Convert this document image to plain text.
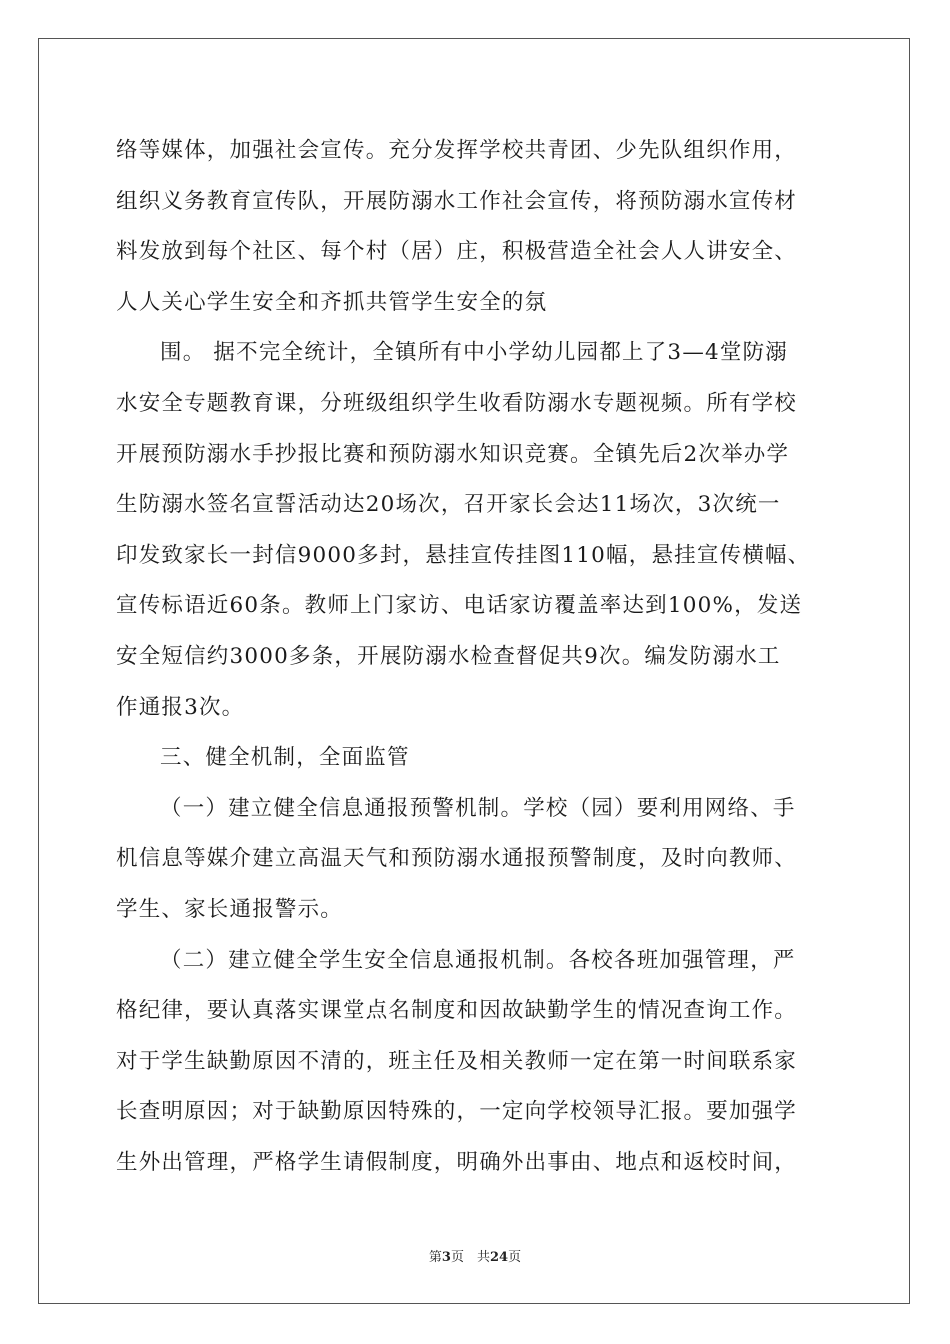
络等媒体，加强社会宣传。充分发挥学校共青团、少先队组织作用，
组织义务教育宣传队，开展防溺水工作社会宣传，将预防溺水宣传材
料发放到每个社区、每个村（居）庄，积极营造全社会人人讲安全、
人人关心学生安全和齐抓共管学生安全的氛
围。 据不完全统计，全镇所有中小学幼儿园都上了3—4堂防溺
水安全专题教育课，分班级组织学生收看防溺水专题视频。所有学校
开展预防溺水手抄报比赛和预防溺水知识竞赛。全镇先后2次举办学
生防溺水签名宣誓活动达20场次，召开家长会达11场次，3次统一
印发致家长一封信9000多封，悬挂宣传挂图110幅，悬挂宣传横幅、
宣传标语近60条。教师上门家访、电话家访覆盖率达到100%，发送
安全短信约3000多条，开展防溺水检查督促共9次。编发防溺水工
作通报3次。
三、健全机制，全面监管
（一）建立健全信息通报预警机制。学校（园）要利用网络、手
机信息等媒介建立高温天气和预防溺水通报预警制度，及时向教师、
学生、家长通报警示。
（二）建立健全学生安全信息通报机制。各校各班加强管理，严
格纪律，要认真落实课堂点名制度和因故缺勤学生的情况查询工作。
对于学生缺勤原因不清的，班主任及相关教师一定在第一时间联系家
长查明原因；对于缺勤原因特殊的，一定向学校领导汇报。要加强学
生外出管理，严格学生请假制度，明确外出事由、地点和返校时间，
第3页　共24页
